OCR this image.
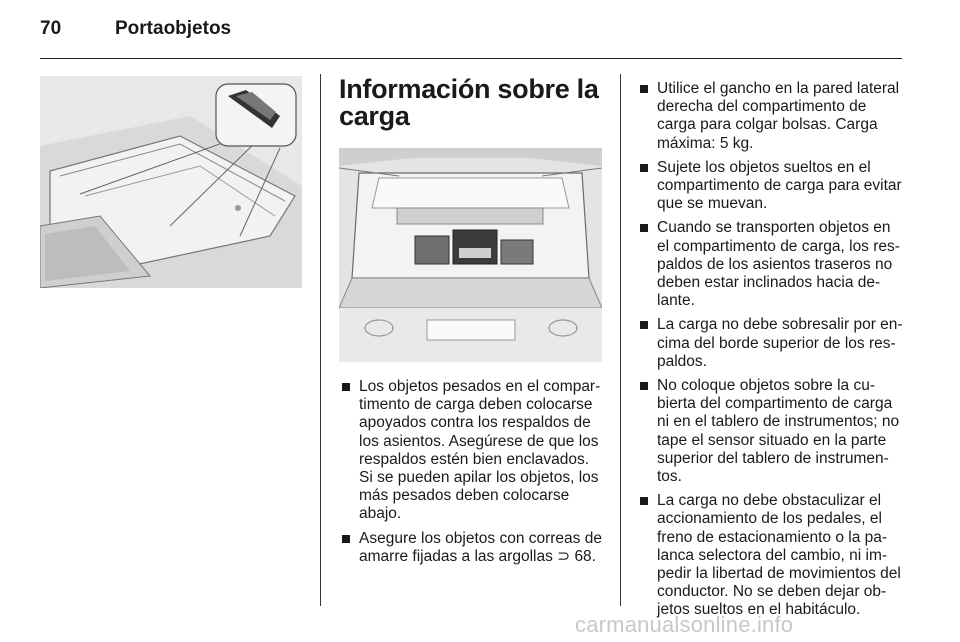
70	Portaobjetos
Información sobre la
carga
Los objetos pesados en el compartimento de carga deben colocarse apoyados contra los respaldos de los asientos. Asegúrese de que los respaldos estén bien enclavados. Si se pueden apilar los objetos, los más pesados deben colocarse abajo.
Asegure los objetos con correas de amarre fijadas a las argollas ⊃ 68.
Utilice el gancho en la pared lateral derecha del compartimento de carga para colgar bolsas. Carga máxima: 5 kg.
Sujete los objetos sueltos en el compartimento de carga para evitar que se muevan.
Cuando se transporten objetos en el compartimento de carga, los respaldos de los asientos traseros no deben estar inclinados hacia delante.
La carga no debe sobresalir por encima del borde superior de los respaldos.
No coloque objetos sobre la cubierta del compartimento de carga ni en el tablero de instrumentos; no tape el sensor situado en la parte superior del tablero de instrumentos.
La carga no debe obstaculizar el accionamiento de los pedales, el freno de estacionamiento o la palanca selectora del cambio, ni impedir la libertad de movimientos del conductor. No se deben dejar objetos sueltos en el habitáculo.
carmanualsonline.info
